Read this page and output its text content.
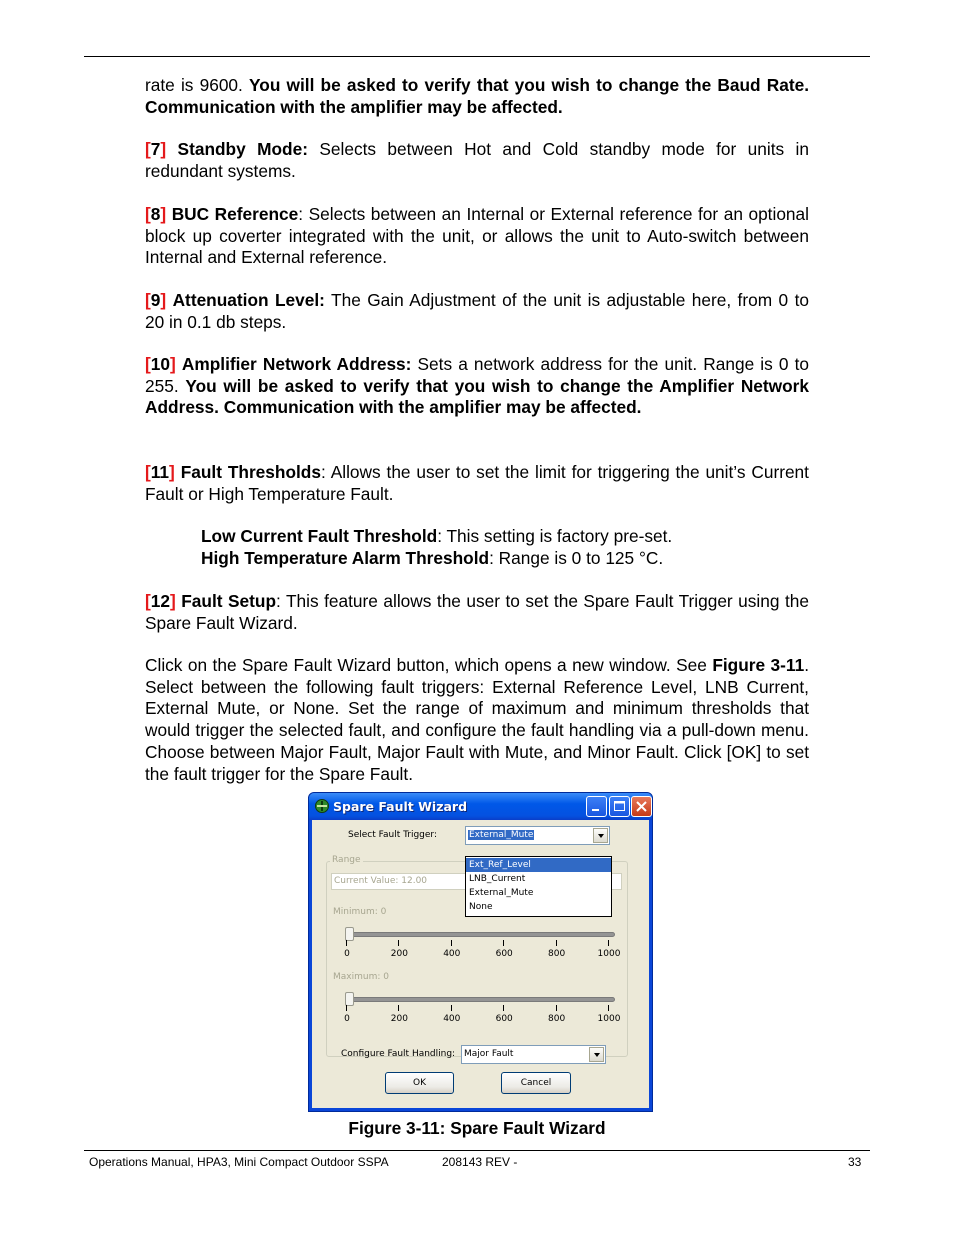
rate is 9600. You will be asked to verify that you wish to change the Baud Rate. Communication with the amplifier may be affected.

[7] Standby Mode: Selects between Hot and Cold standby mode for units in redundant systems.

[8] BUC Reference: Selects between an Internal or External reference for an optional block up coverter integrated with the unit, or allows the unit to Auto-switch between Internal and External reference.

[9] Attenuation Level: The Gain Adjustment of the unit is adjustable here, from 0 to 20 in 0.1 db steps.

[10] Amplifier Network Address: Sets a network address for the unit. Range is 0 to 255. You will be asked to verify that you wish to change the Amplifier Network Address. Communication with the amplifier may be affected.

[11] Fault Thresholds: Allows the user to set the limit for triggering the unit’s Current Fault or High Temperature Fault.

Low Current Fault Threshold: This setting is factory pre-set.

High Temperature Alarm Threshold: Range is 0 to 125 °C.

[12] Fault Setup: This feature allows the user to set the Spare Fault Trigger using the Spare Fault Wizard.

Click on the Spare Fault Wizard button, which opens a new window. See Figure 3-11. Select between the following fault triggers: External Reference Level, LNB Current, External Mute, or None. Set the range of maximum and minimum thresholds that would trigger the selected fault, and configure the fault handling via a pull-down menu. Choose between Major Fault, Major Fault with Mute, and Minor Fault. Click [OK] to set the fault trigger for the Spare Fault.

Spare Fault Wizard
Select Fault Trigger:	External_Mute
Range
Current Value: 12.00
Minimum: 0
0	200	400	600	800	1000
Maximum: 0
0	200	400	600	800	1000
Configure Fault Handling: Major Fault
OK	Cancel
Ext_Ref_Level
LNB_Current
External_Mute
None
Figure 3-11: Spare Fault Wizard
Operations Manual, HPA3, Mini Compact Outdoor SSPA	208143 REV -	33
